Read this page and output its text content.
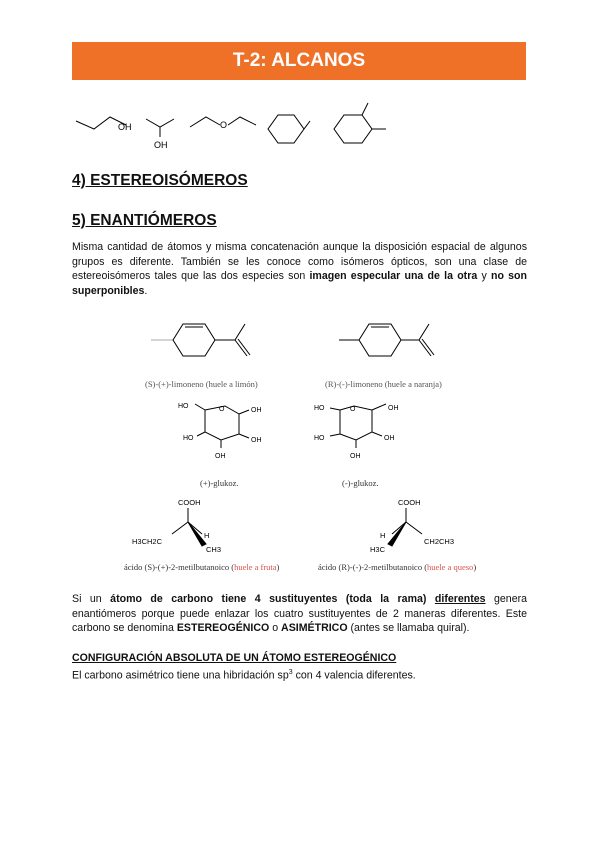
T-2: ALCANOS
OH
OH
O
4) ESTEREOISÓMEROS
5) ENANTIÓMEROS
Misma cantidad de átomos y misma concatenación aunque la disposición espacial de algunos grupos es diferente. También se les conoce como isómeros ópticos, son una clase de estereoisómeros tales que las dos especies son imagen especular una de la otra y no son superponibles.
(S)-(+)-limoneno (huele a limón)	(R)-(-)-limoneno (huele a naranja)
HO	O	OH
HO
OH
OH
HO	O	OH
HO
OH
OH
(+)-glukoz.	(-)-glukoz.
COOH
H3CH2C
H
CH3
COOH
H
H3C
CH2CH3
ácido (S)-(+)-2-metilbutanoico (huele a fruta)	ácido (R)-(-)-2-metilbutanoico (huele a queso)
Si un átomo de carbono tiene 4 sustituyentes (toda la rama) diferentes genera enantiómeros porque puede enlazar los cuatro sustituyentes de 2 maneras diferentes. Este carbono se denomina ESTEREOGÉNICO o ASIMÉTRICO (antes se llamaba quiral).
CONFIGURACIÓN ABSOLUTA DE UN ÁTOMO ESTEREOGÉNICO
El carbono asimétrico tiene una hibridación $sp^3$ con 4 valencia diferentes.
